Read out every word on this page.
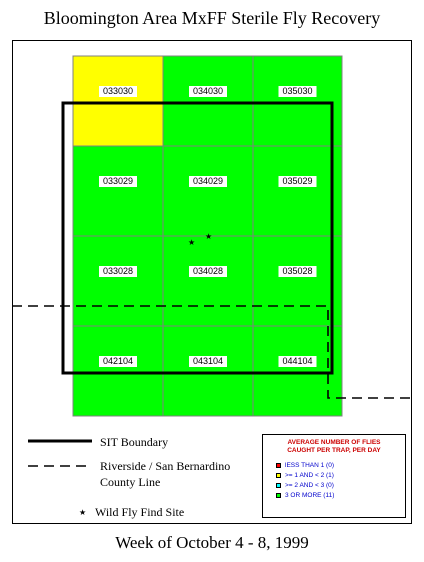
Bloomington Area MxFF Sterile Fly Recovery
033030	034030	035030
033029	034029	035029
033028	034028	035028
042104	043104	044104
★
★
SIT Boundary
Riverside / San Bernardino
County Line
★ Wild Fly Find Site
AVERAGE NUMBER OF FLIES
CAUGHT PER TRAP, PER DAY
lESS THAN 1 (0)
>= 1 AND < 2 (1)
>= 2 AND < 3 (0)
3 OR MORE (11)
Week of October 4 - 8, 1999
